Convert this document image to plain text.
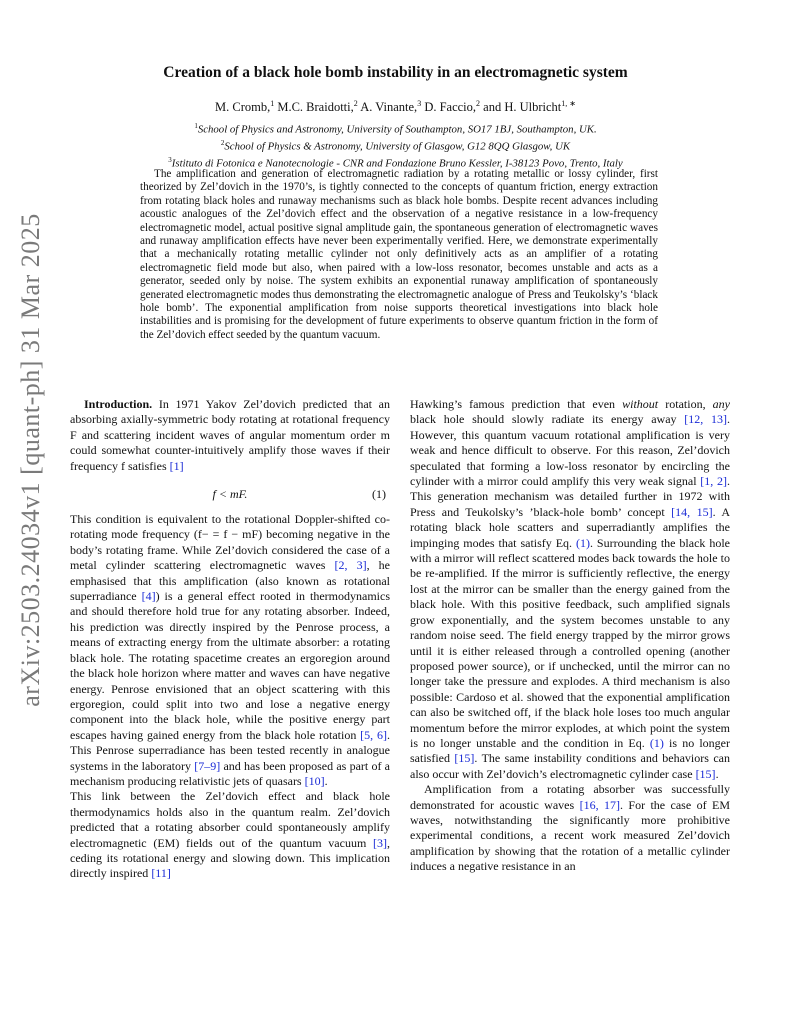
arXiv:2503.24034v1 [quant-ph] 31 Mar 2025
Creation of a black hole bomb instability in an electromagnetic system
M. Cromb,$^1$ M.C. Braidotti,$^2$ A. Vinante,$^3$ D. Faccio,$^2$ and H. Ulbricht$^{1, ∗}$
$^1$School of Physics and Astronomy, University of Southampton, SO17 1BJ, Southampton, UK.
$^2$School of Physics & Astronomy, University of Glasgow, G12 8QQ Glasgow, UK
$^3$Istituto di Fotonica e Nanotecnologie - CNR and Fondazione Bruno Kessler, I-38123 Povo, Trento, Italy
The amplification and generation of electromagnetic radiation by a rotating metallic or lossy cylinder, first theorized by Zel’dovich in the 1970’s, is tightly connected to the concepts of quantum friction, energy extraction from rotating black holes and runaway mechanisms such as black hole bombs. Despite recent advances including acoustic analogues of the Zel’dovich effect and the observation of a negative resistance in a low-frequency electromagnetic model, actual positive signal amplitude gain, the spontaneous generation of electromagnetic waves and runaway amplification effects have never been experimentally verified. Here, we demonstrate experimentally that a mechanically rotating metallic cylinder not only definitively acts as an amplifier of a rotating electromagnetic field mode but also, when paired with a low-loss resonator, becomes unstable and acts as a generator, seeded only by noise. The system exhibits an exponential runaway amplification of spontaneously generated electromagnetic modes thus demonstrating the electromagnetic analogue of Press and Teukolsky’s ‘black hole bomb’. The exponential amplification from noise supports theoretical investigations into black hole instabilities and is promising for the development of future experiments to observe quantum friction in the form of the Zel’dovich effect seeded by the quantum vacuum.

Introduction. In 1971 Yakov Zel’dovich predicted that an absorbing axially-symmetric body rotating at rotational frequency F and scattering incident waves of angular momentum order m could somewhat counter-intuitively amplify those waves if their frequency f satisfies [1]

f < mF.	(1)

This condition is equivalent to the rotational Doppler-shifted co-rotating mode frequency (f− = f − mF) becoming negative in the body’s rotating frame. While Zel’dovich considered the case of a metal cylinder scattering electromagnetic waves [2, 3], he emphasised that this amplification (also known as rotational superradiance [4]) is a general effect rooted in thermodynamics and should therefore hold true for any rotating absorber. Indeed, his prediction was directly inspired by the Penrose process, a means of extracting energy from the ultimate absorber: a rotating black hole. The rotating spacetime creates an ergoregion around the black hole horizon where matter and waves can have negative energy. Penrose envisioned that an object scattering with this ergoregion, could split into two and lose a negative energy component into the black hole, while the positive energy part escapes having gained energy from the black hole rotation [5, 6]. This Penrose superradiance has been tested recently in analogue systems in the laboratory [7–9] and has been proposed as part of a mechanism producing relativistic jets of quasars [10].

This link between the Zel’dovich effect and black hole thermodynamics holds also in the quantum realm. Zel’dovich predicted that a rotating absorber could spontaneously amplify electromagnetic (EM) fields out of the quantum vacuum [3], ceding its rotational energy and slowing down. This implication directly inspired [11]

Hawking’s famous prediction that even without rotation, any black hole should slowly radiate its energy away [12, 13]. However, this quantum vacuum rotational amplification is very weak and hence difficult to observe. For this reason, Zel’dovich speculated that forming a low-loss resonator by encircling the cylinder with a mirror could amplify this very weak signal [1, 2]. This generation mechanism was detailed further in 1972 with Press and Teukolsky’s ’black-hole bomb’ concept [14, 15]. A rotating black hole scatters and superradiantly amplifies the impinging modes that satisfy Eq. (1). Surrounding the black hole with a mirror will reflect scattered modes back towards the hole to be re-amplified. If the mirror is sufficiently reflective, the energy lost at the mirror can be smaller than the energy gained from the black hole. With this positive feedback, such amplified signals grow exponentially, and the system becomes unstable to any random noise seed. The field energy trapped by the mirror grows until it is either released through a controlled opening (another proposed power source), or if unchecked, until the mirror can no longer take the pressure and explodes. A third mechanism is also possible: Cardoso et al. showed that the exponential amplification can also be switched off, if the black hole loses too much angular momentum before the mirror explodes, at which point the system is no longer unstable and the condition in Eq. (1) is no longer satisfied [15]. The same instability conditions and behaviors can also occur with Zel’dovich’s electromagnetic cylinder case [15].

Amplification from a rotating absorber was successfully demonstrated for acoustic waves [16, 17]. For the case of EM waves, notwithstanding the significantly more prohibitive experimental conditions, a recent work measured Zel’dovich amplification by showing that the rotation of a metallic cylinder induces a negative resistance in an
